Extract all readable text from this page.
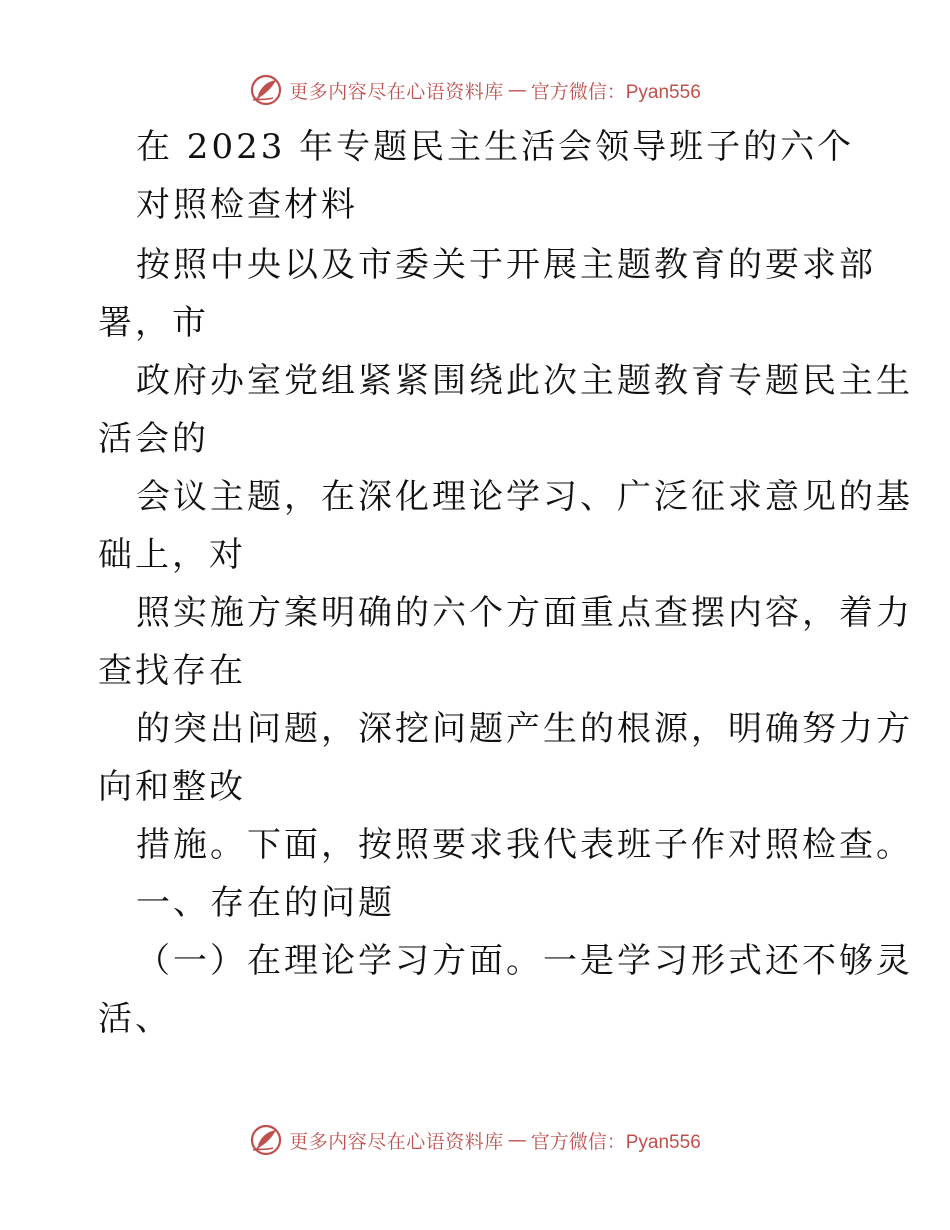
更多内容尽在心语资料库 — 官方微信：Pyan556
在 2023 年专题民主生活会领导班子的六个
对照检查材料
按照中央以及市委关于开展主题教育的要求部
署，市
政府办室党组紧紧围绕此次主题教育专题民主生
活会的
会议主题，在深化理论学习、广泛征求意见的基
础上，对
照实施方案明确的六个方面重点查摆内容，着力
查找存在
的突出问题，深挖问题产生的根源，明确努力方
向和整改
措施。下面，按照要求我代表班子作对照检查。
一、存在的问题
（一）在理论学习方面。一是学习形式还不够灵
活、
更多内容尽在心语资料库 — 官方微信：Pyan556
